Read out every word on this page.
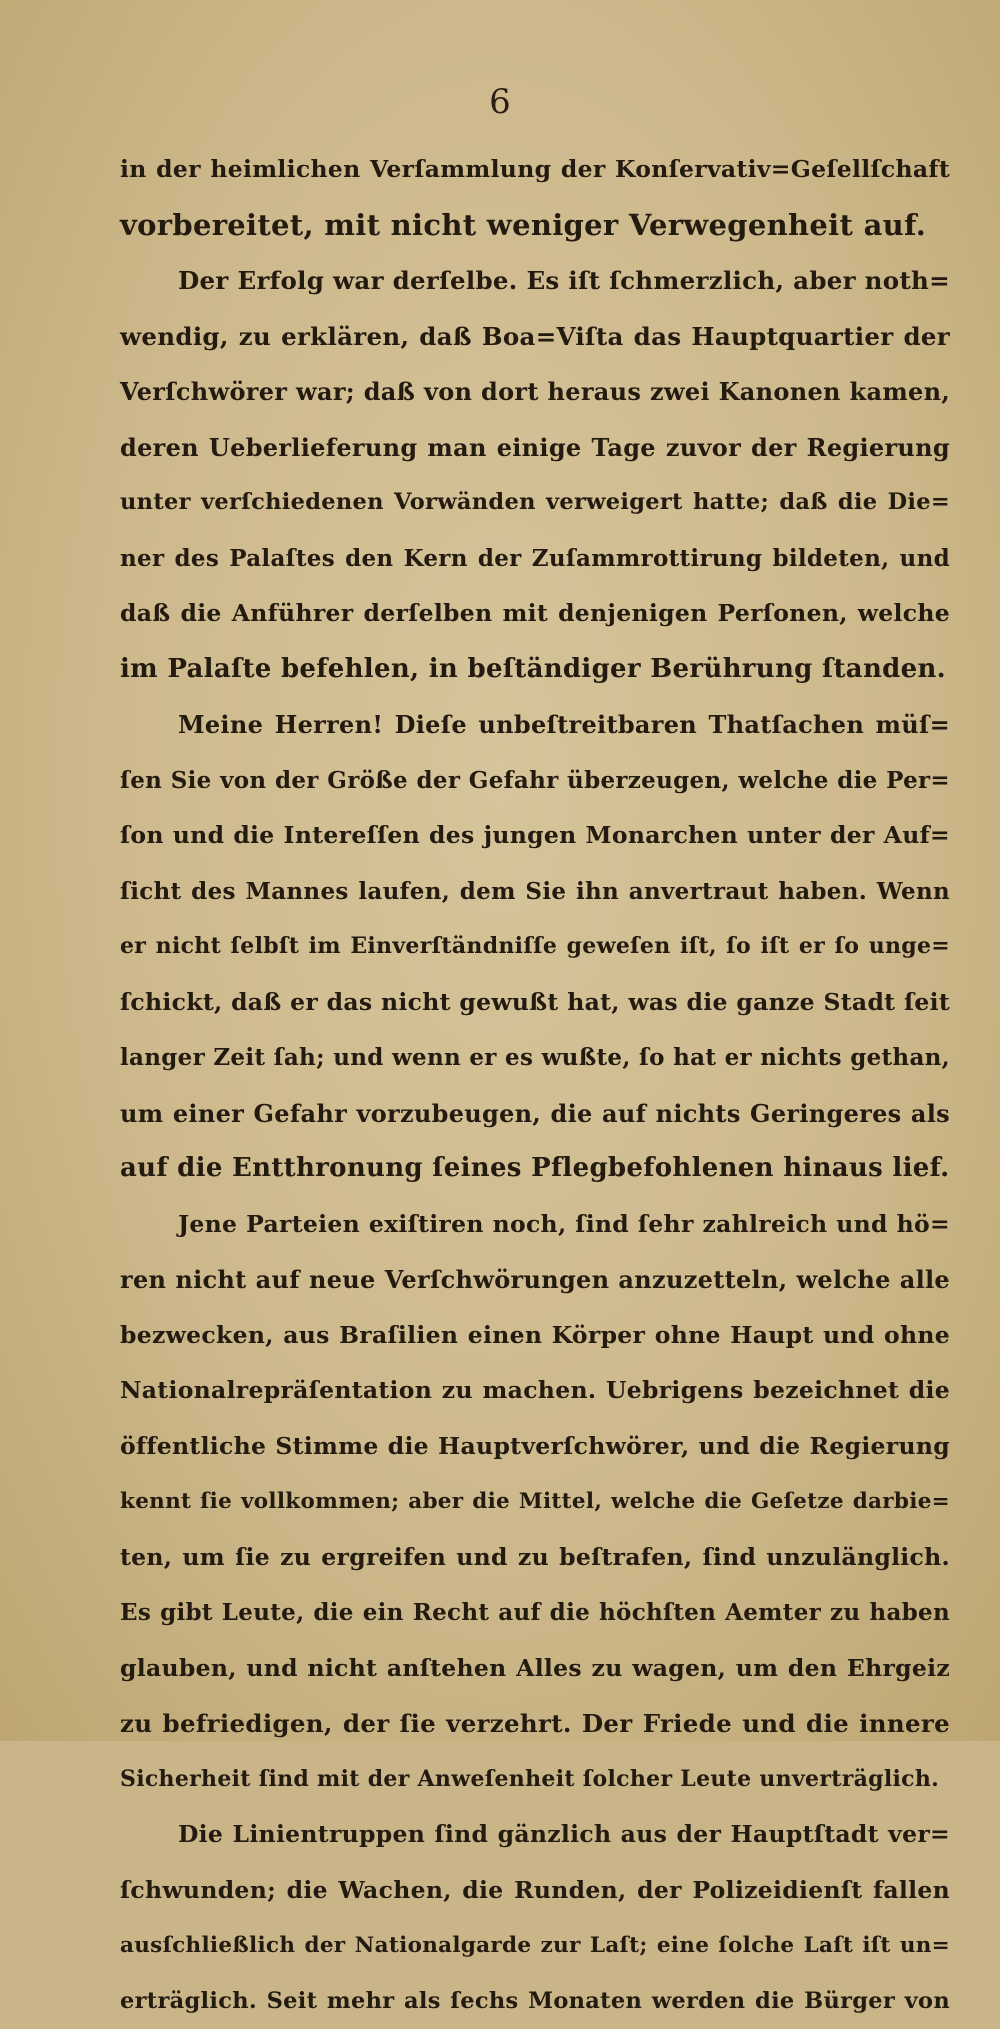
6
in der heimlichen Verſammlung der Konſervativ=Geſellſchaft
vorbereitet, mit nicht weniger Verwegenheit auf.
Der Erfolg war derſelbe. Es iſt ſchmerzlich, aber noth=
wendig, zu erklären, daß Boa=Viſta das Hauptquartier der
Verſchwörer war; daß von dort heraus zwei Kanonen kamen,
deren Ueberlieferung man einige Tage zuvor der Regierung
unter verſchiedenen Vorwänden verweigert hatte; daß die Die=
ner des Palaſtes den Kern der Zuſammrottirung bildeten, und
daß die Anführer derſelben mit denjenigen Perſonen, welche
im Palaſte befehlen, in beſtändiger Berührung ſtanden.
Meine Herren! Dieſe unbeſtreitbaren Thatſachen müſ=
ſen Sie von der Größe der Gefahr überzeugen, welche die Per=
ſon und die Intereſſen des jungen Monarchen unter der Auf=
ſicht des Mannes laufen, dem Sie ihn anvertraut haben. Wenn
er nicht ſelbſt im Einverſtändniſſe geweſen iſt, ſo iſt er ſo unge=
ſchickt, daß er das nicht gewußt hat, was die ganze Stadt ſeit
langer Zeit ſah; und wenn er es wußte, ſo hat er nichts gethan,
um einer Gefahr vorzubeugen, die auf nichts Geringeres als
auf die Entthronung ſeines Pflegbefohlenen hinaus lief.
Jene Parteien exiſtiren noch, ſind ſehr zahlreich und hö=
ren nicht auf neue Verſchwörungen anzuzetteln, welche alle
bezwecken, aus Braſilien einen Körper ohne Haupt und ohne
Nationalrepräſentation zu machen. Uebrigens bezeichnet die
öffentliche Stimme die Hauptverſchwörer, und die Regierung
kennt ſie vollkommen; aber die Mittel, welche die Geſetze darbie=
ten, um ſie zu ergreifen und zu beſtrafen, ſind unzulänglich.
Es gibt Leute, die ein Recht auf die höchſten Aemter zu haben
glauben, und nicht anſtehen Alles zu wagen, um den Ehrgeiz
zu befriedigen, der ſie verzehrt. Der Friede und die innere
Sicherheit ſind mit der Anweſenheit ſolcher Leute unverträglich.
Die Linientruppen ſind gänzlich aus der Hauptſtadt ver=
ſchwunden; die Wachen, die Runden, der Polizeidienſt fallen
ausſchließlich der Nationalgarde zur Laſt; eine ſolche Laſt iſt un=
erträglich. Seit mehr als ſechs Monaten werden die Bürger von
